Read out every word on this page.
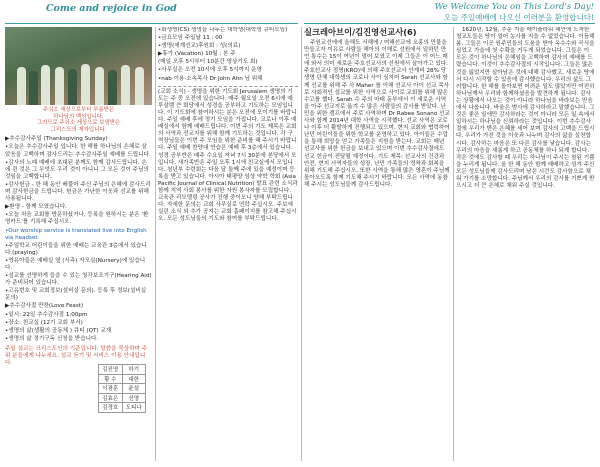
Come and rejoice in God	We Welcome You on This Lord's Day!
오늘 주일예배에 나오신 여러분을 환영합니다!
주쉬소 세상으로부터 부름받은
하나님의 백성입니다.
그러므로 주쉬소 세상으로 보냄받은
그리스도의 제자입니다.
▶추수감사주일 (Thanksgiving Sunday)
•오늘은 추수감사주일 입니다. 한 해를 하나님의 은혜로 살았음을 고백하며 감사드리는 추수감사주일 예배를 드립니다.
•감사의 노래 예배에 초대된 분께도 함께 감사드립니다. 손에 쥔 것은 그 무엇도 우리 것이 아니니 그 모든 것이 주님의 것임을 고백합니다.
•감사헌금 - 한 해 동안 베풀어 주신 주님의 은혜에 감사드리며 감사헌금을 드립니다. 헌금은 가난한 이웃과 선교를 위해 사용됩니다.
▶환영 - 함께 모였습니다.
•오늘 처음 교회를 방문하셨거나, 등록을 원하시는 분은 '환영카드'를 기록해 주십시오.
•Our worship service is translated live into English via headset.
•주일학교 어린이들을 위한 예배는 교육관 3층에서 있습니다 (praying)
•영유아들은 예배실 옆 (서측) 자모실(Nursery)에 있습니다.
•설교를 선명하게 들을 수 있는 청각보조기구(Hearing Aid)가 준비되어 있습니다.
•고유번호 및 교회정보(설비실 문의). 등록 후 정보(설비실 문의)
▶추수감사절 만찬(Love Feast)
•일시: 22일 추수감사절 1:00pm
•장소: 친교실 (12기 교회 부서)
•생명의 삶(생활의 공동체 ) 큐티 (QT) 교재
•생명의 삶 정기구독 신청을 받습니다.
주일 설교는 크리스도인의 기준입니다. 말씀을 묵상하며 주위 분들에게 나누세요. 설교 듣기 및 서비스 이용 안내입니다.
•화생명(CS) 생명을 나누는 대학생(대학생 큐티모임)
•금요모임 주일날 11 : 00
•생명(세계선교)후원회 : 성(의료)
▶휴가 (Vacation) 10월 : 본 주
(매일 오후 5시부터 10분간 영상기도 회)
•사무실은 오전 10시에 오후 5시까지 운영
•nab 이용·소속목사 Dr John Ahn 님 위해
(교회 소식) - 생명을 위한 기도회 Jerusalem 생명의 기도는 주 중 오전에 있습니다. 매주 월요일 오전 6시에 예루살렘 큰 회당에서 성경을 공부하고 기도하는 모임입니다. 이 기도회에 참여하시는 분은 오전에 모이기를 바랍니다. 주일 예배 후에 정기 모임을 가집니다. 코로나 이후 예배실에서 함께 예배드립니다. 이번 주의 기도 제목은 교회의 사역과 선교지를 위해 함께 기도하는 것입니다. 각 구역장님들은 이번 주 모임을 위한 준비를 해 주시기 바랍니다. 주일 예배 찬양대 연습은 예배 후 3층에서 있습니다. 성경 공부반은 매주 수요일 저녁 7시 30분에 본당에서 모입니다. 새가족반은 주일 오후 1시에 친교실에서 모입니다. 청년부 수련회는 다음 달 둘째 주에 있을 예정이며 등록을 받고 있습니다. 아시아 태평양 임상 약학 학회 (Asia Pacific Journal of Clinical Nutrition) 발표 관련 소식과 함께 지역 사회 봉사를 위한 자원 봉사자를 모집합니다. 교육관 리모델링 공사가 진행 중이오니 양해 부탁드립니다. 자세한 문의는 교회 사무실로 연락 주십시오. 주보에 실린 소식 외 추가 공지는 교회 홈페이지를 참고해 주십시오. 모든 성도님들의 기도와 참여를 부탁드립니다.
실크레아브이/김진영선교사(6)
주원교선에에 올해도 서해에 / 여해선교에 오홍의 만물을 만들고자 이유로 사람들 해아의 이해로 선원에서 일하던 만언 통수는 15이 여년이 멀어 보였고 이제 그들은 이 어느 매에 와서 의미 새로운 주호선교사의 선원에서 살아가고 있다. 주호선교사 정명(KRO)에 의해 주호선교사 안재비 28% 당 생명 단체 대학생의 코로나 사이 심지어 Sarah 선교사와 함께 선교를 위해 주 사 Maher 를 이해 선교사 아이 선교 목사로 사회적인 설교를 위한 사역으로 사이로 교회를 위해 많은 수고를 했다. Sarah 수 주의 마태 동부에서 이 새로운 사역을 아주 선교지로 옮겨 수 많은 사람들의 감사를 받았다. 난민을 위한 캠프에서 주로 사역하며 Dr Rabee Sonano 선교사와 함께 2014년 대학 사역을 시작했다. 선교 사역은 코로나 이후 더 활발하게 진행되고 있으며, 현지 교회와 협력하여 난민 어린이들을 위한 학교를 운영하고 있다. 아이들은 수업을 통해 희망을 얻고 가족들은 지원을 받는다. 교회는 매년 선교사를 위한 헌금을 보내고 있으며 이번 추수감사절에도 선교 헌금이 전달될 예정이다. 기도 제목: 선교사의 건강과 안전, 현지 사역자들의 성장, 난민 가족들의 정착과 회복을 위해 기도해 주십시오. 또한 사역을 통해 많은 영혼이 주님께 돌아오도록 함께 기도해 주시기 바랍니다. 모든 사역에 동참해 주시는 성도님들께 감사드립니다.
김진영	하기
황 수	대한
이광훈	윤설
김효은	선영
김경호	도티나
1620년, 12월, 추운 겨울 메이플라워 해안에 도착한 청교도들은 땅이 얼어 농사를 지을 수 없었습니다. 이듬해 봄, 그들은 이곳 원주민들의 도움을 받아 옥수수와 곡식을 심었고 가을에 첫 수확을 거두게 되었습니다. 그들은 이 모든 것이 하나님의 은혜임을 고백하며 감사의 예배를 드렸습니다. 이것이 추수감사절의 시작입니다. 그들은 많은 것을 잃었지만 살아남은 것에 대해 감사했고, 새로운 땅에서 다시 시작할 수 있음에 감사했습니다. 우리의 삶도 그러합니다. 한 해를 돌아보면 어려운 일도 많았지만 여전히 하나님께서 우리와 함께하셨음을 발견하게 됩니다. 감사는 상황에서 나오는 것이 아니라 하나님을 바라보는 믿음에서 나옵니다. 바울은 범사에 감사하라고 말했습니다. 그것은 좋은 일에만 감사하라는 것이 아니라 모든 일 속에서 일하시는 하나님을 신뢰하라는 것입니다. 이번 추수감사절에 우리가 받은 은혜를 세어 보며 감사의 고백을 드립시다. 우리가 가진 것을 이웃과 나누며 감사의 삶을 실천합시다. 감사하는 마음은 또 다른 감사를 낳습니다. 감사는 우리의 마음을 새롭게 하고 공동체를 하나 되게 합니다. 작은 것에도 감사할 때 우리는 하나님이 주시는 참된 기쁨을 누리게 됩니다. 올 한 해 동안 함께 예배하고 섬겨 주신 모든 성도님들께 감사드리며 남은 시간도 감사함으로 채워 가기를 소망합니다. 주님께서 우리의 감사를 기쁘게 받으시고 더 큰 은혜로 채워 주실 것입니다.
